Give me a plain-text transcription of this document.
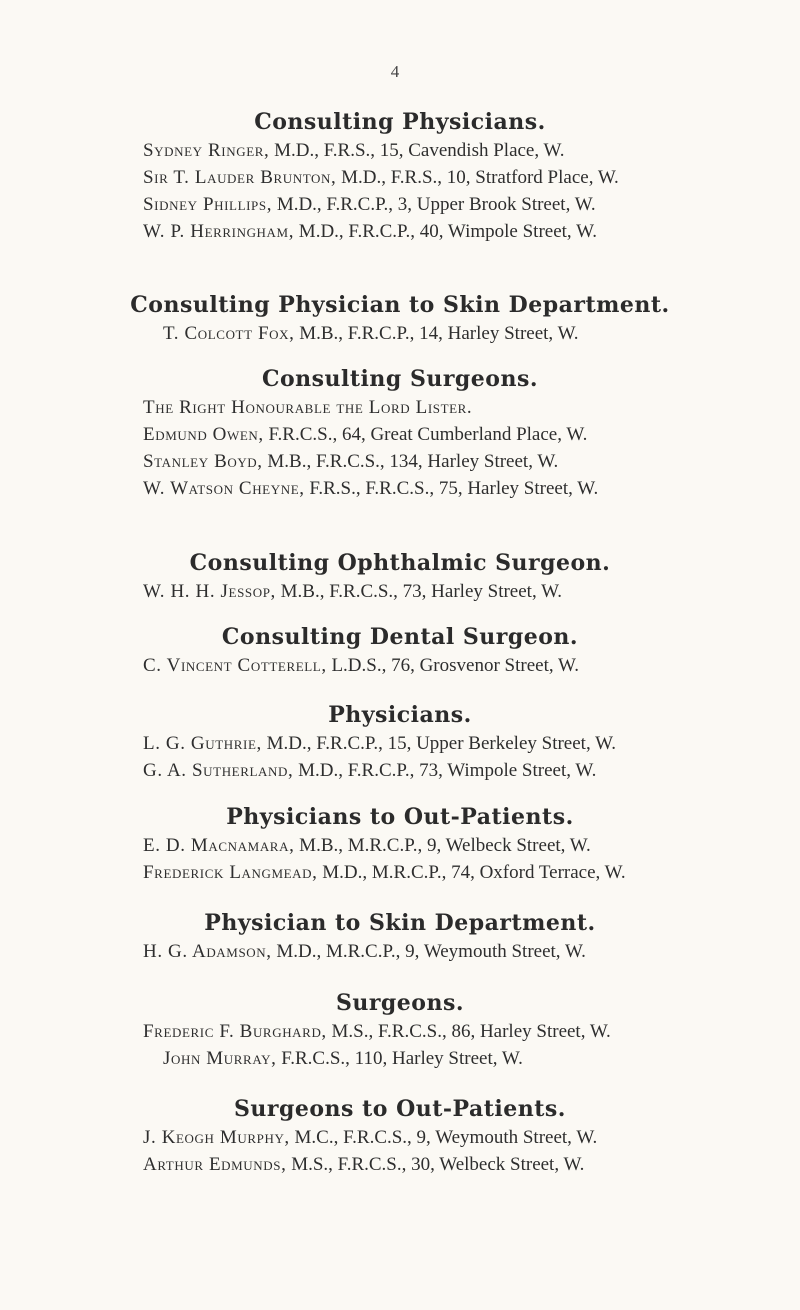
4
Consulting Physicians.

Sydney Ringer, M.D., F.R.S., 15, Cavendish Place, W.

Sir T. Lauder Brunton, M.D., F.R.S., 10, Stratford Place, W.

Sidney Phillips, M.D., F.R.C.P., 3, Upper Brook Street, W.

W. P. Herringham, M.D., F.R.C.P., 40, Wimpole Street, W.

Consulting Physician to Skin Department.

T. Colcott Fox, M.B., F.R.C.P., 14, Harley Street, W.

Consulting Surgeons.

The Right Honourable the Lord Lister.

Edmund Owen, F.R.C.S., 64, Great Cumberland Place, W.

Stanley Boyd, M.B., F.R.C.S., 134, Harley Street, W.

W. Watson Cheyne, F.R.S., F.R.C.S., 75, Harley Street, W.

Consulting Ophthalmic Surgeon.

W. H. H. Jessop, M.B., F.R.C.S., 73, Harley Street, W.

Consulting Dental Surgeon.

C. Vincent Cotterell, L.D.S., 76, Grosvenor Street, W.

Physicians.

L. G. Guthrie, M.D., F.R.C.P., 15, Upper Berkeley Street, W.

G. A. Sutherland, M.D., F.R.C.P., 73, Wimpole Street, W.

Physicians to Out-Patients.

E. D. Macnamara, M.B., M.R.C.P., 9, Welbeck Street, W.

Frederick Langmead, M.D., M.R.C.P., 74, Oxford Terrace, W.

Physician to Skin Department.

H. G. Adamson, M.D., M.R.C.P., 9, Weymouth Street, W.

Surgeons.

Frederic F. Burghard, M.S., F.R.C.S., 86, Harley Street, W.

John Murray, F.R.C.S., 110, Harley Street, W.

Surgeons to Out-Patients.

J. Keogh Murphy, M.C., F.R.C.S., 9, Weymouth Street, W.

Arthur Edmunds, M.S., F.R.C.S., 30, Welbeck Street, W.
